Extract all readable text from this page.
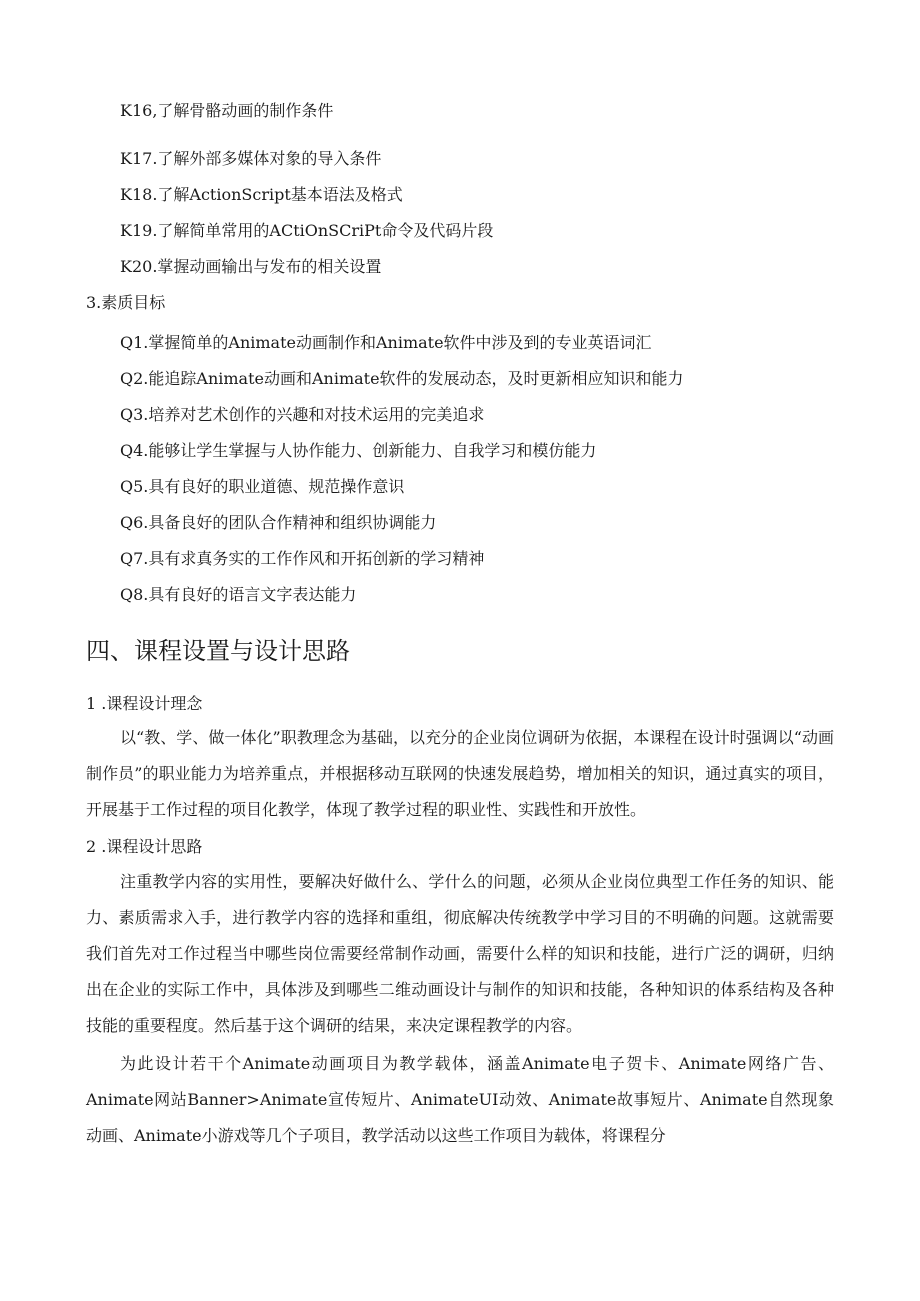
K16,了解骨骼动画的制作条件

K17.了解外部多媒体对象的导入条件

K18.了解ActionScript基本语法及格式

K19.了解简单常用的ACtiOnSCriPt命令及代码片段

K20.掌握动画输出与发布的相关设置

3.素质目标

Q1.掌握简单的Animate动画制作和Animate软件中涉及到的专业英语词汇

Q2.能追踪Animate动画和Animate软件的发展动态，及时更新相应知识和能力

Q3.培养对艺术创作的兴趣和对技术运用的完美追求

Q4.能够让学生掌握与人协作能力、创新能力、自我学习和模仿能力

Q5.具有良好的职业道德、规范操作意识

Q6.具备良好的团队合作精神和组织协调能力

Q7.具有求真务实的工作作风和开拓创新的学习精神

Q8.具有良好的语言文字表达能力

四、课程设置与设计思路

1 .课程设计理念

以“教、学、做一体化”职教理念为基础，以充分的企业岗位调研为依据，本课程在设计时强调以“动画制作员”的职业能力为培养重点，并根据移动互联网的快速发展趋势，增加相关的知识，通过真实的项目，开展基于工作过程的项目化教学，体现了教学过程的职业性、实践性和开放性。

2 .课程设计思路

注重教学内容的实用性，要解决好做什么、学什么的问题，必须从企业岗位典型工作任务的知识、能力、素质需求入手，进行教学内容的选择和重组，彻底解决传统教学中学习目的不明确的问题。这就需要我们首先对工作过程当中哪些岗位需要经常制作动画，需要什么样的知识和技能，进行广泛的调研，归纳出在企业的实际工作中，具体涉及到哪些二维动画设计与制作的知识和技能，各种知识的体系结构及各种技能的重要程度。然后基于这个调研的结果，来决定课程教学的内容。

为此设计若干个Animate动画项目为教学载体，涵盖Animate电子贺卡、Animate网络广告、Animate网站Banner>Animate宣传短片、AnimateUI动效、Animate故事短片、Animate自然现象动画、Animate小游戏等几个子项目，教学活动以这些工作项目为载体，将课程分
